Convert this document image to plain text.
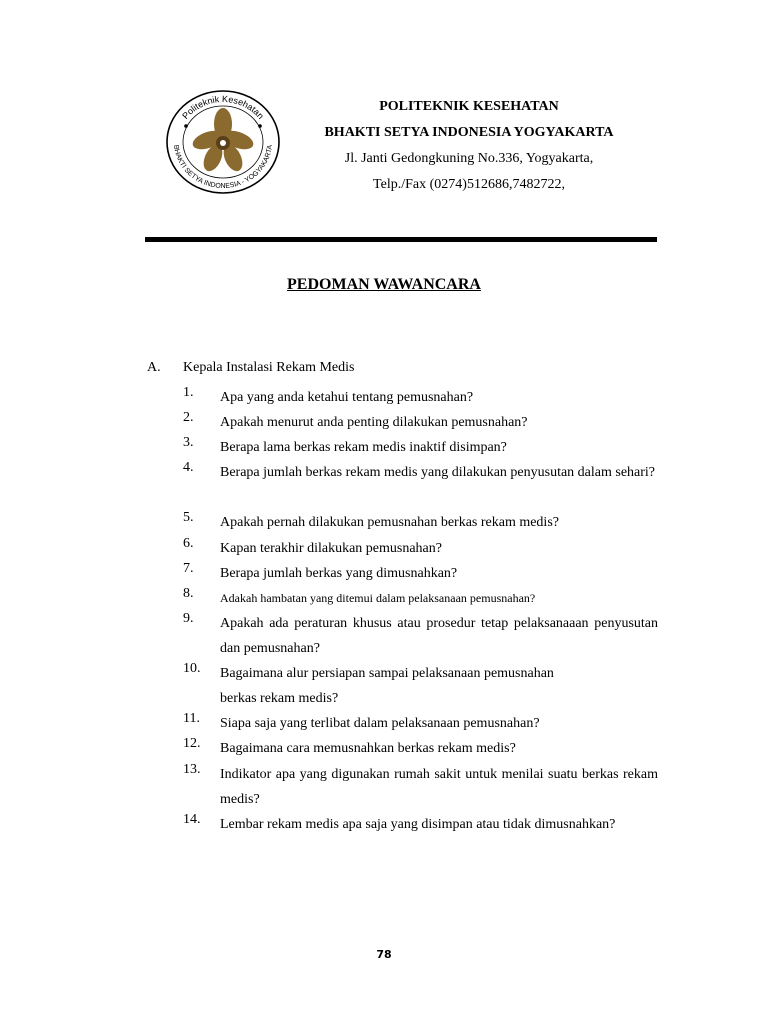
Politeknik Kesehatan
BHAKTI SETYA INDONESIA - YOGYAKARTA
POLITEKNIK KESEHATAN
BHAKTI SETYA INDONESIA YOGYAKARTA
Jl. Janti Gedongkuning No.336, Yogyakarta,
Telp./Fax (0274)512686,7482722,
PEDOMAN WAWANCARA
A. Kepala Instalasi Rekam Medis
1. Apa yang anda ketahui tentang pemusnahan?
2. Apakah menurut anda penting dilakukan pemusnahan?
3. Berapa lama berkas rekam medis inaktif disimpan?
4. Berapa jumlah berkas rekam medis yang dilakukan penyusutan dalam sehari?
5. Apakah pernah dilakukan pemusnahan berkas rekam medis?
6. Kapan terakhir dilakukan pemusnahan?
7. Berapa jumlah berkas yang dimusnahkan?
8. Adakah hambatan yang ditemui dalam pelaksanaan pemusnahan?
9. Apakah ada peraturan khusus atau prosedur tetap pelaksanaaan penyusutan dan pemusnahan?
10. Bagaimana alur persiapan sampai pelaksanaan pemusnahan
berkas rekam medis?
11. Siapa saja yang terlibat dalam pelaksanaan pemusnahan?
12. Bagaimana cara memusnahkan berkas rekam medis?
13. Indikator apa yang digunakan rumah sakit untuk menilai suatu berkas rekam medis?
14. Lembar rekam medis apa saja yang disimpan atau tidak dimusnahkan?
78
